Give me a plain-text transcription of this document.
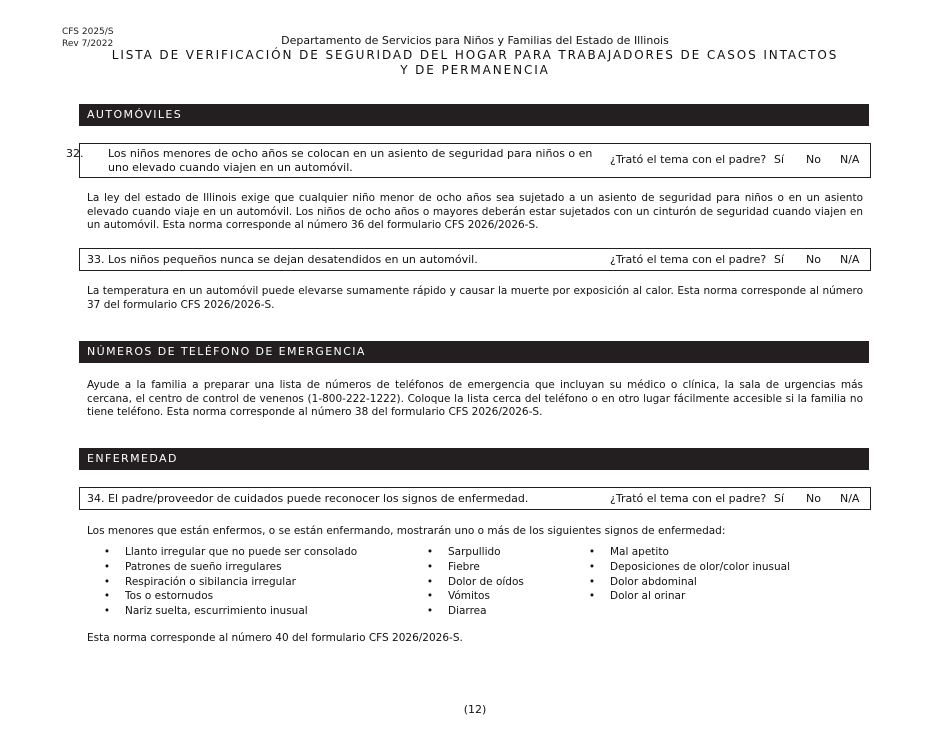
CFS 2025/S
Rev 7/2022	Departamento de Servicios para Niños y Familias del Estado de Illinois
LISTA DE VERIFICACIÓN DE SEGURIDAD DEL HOGAR PARA TRABAJADORES DE CASOS INTACTOS
Y DE PERMANENCIA
AUTOMÓVILES
32. Los niños menores de ocho años se colocan en un asiento de seguridad para niños o en uno elevado cuando viajen en un automóvil.
¿Trató el tema con el padre? Sí No N/A
La ley del estado de Illinois exige que cualquier niño menor de ocho años sea sujetado a un asiento de seguridad para niños o en un asiento elevado cuando viaje en un automóvil. Los niños de ocho años o mayores deberán estar sujetados con un cinturón de seguridad cuando viajen en un automóvil. Esta norma corresponde al número 36 del formulario CFS 2026/2026-S.
33. Los niños pequeños nunca se dejan desatendidos en un automóvil.	¿Trató el tema con el padre? Sí No N/A
La temperatura en un automóvil puede elevarse sumamente rápido y causar la muerte por exposición al calor. Esta norma corresponde al número 37 del formulario CFS 2026/2026-S.
NÚMEROS DE TELÉFONO DE EMERGENCIA
Ayude a la familia a preparar una lista de números de teléfonos de emergencia que incluyan su médico o clínica, la sala de urgencias más cercana, el centro de control de venenos (1-800-222-1222). Coloque la lista cerca del teléfono o en otro lugar fácilmente accesible si la familia no tiene teléfono. Esta norma corresponde al número 38 del formulario CFS 2026/2026-S.
ENFERMEDAD
34. El padre/proveedor de cuidados puede reconocer los signos de enfermedad.	¿Trató el tema con el padre? Sí No N/A
Los menores que están enfermos, o se están enfermando, mostrarán uno o más de los siguientes signos de enfermedad:
• Llanto irregular que no puede ser consolado
• Patrones de sueño irregulares
• Respiración o sibilancia irregular
• Tos o estornudos
• Nariz suelta, escurrimiento inusual
• Sarpullido
• Fiebre
• Dolor de oídos
• Vómitos
• Diarrea
• Mal apetito
• Deposiciones de olor/color inusual
• Dolor abdominal
• Dolor al orinar
Esta norma corresponde al número 40 del formulario CFS 2026/2026-S.
(12)
